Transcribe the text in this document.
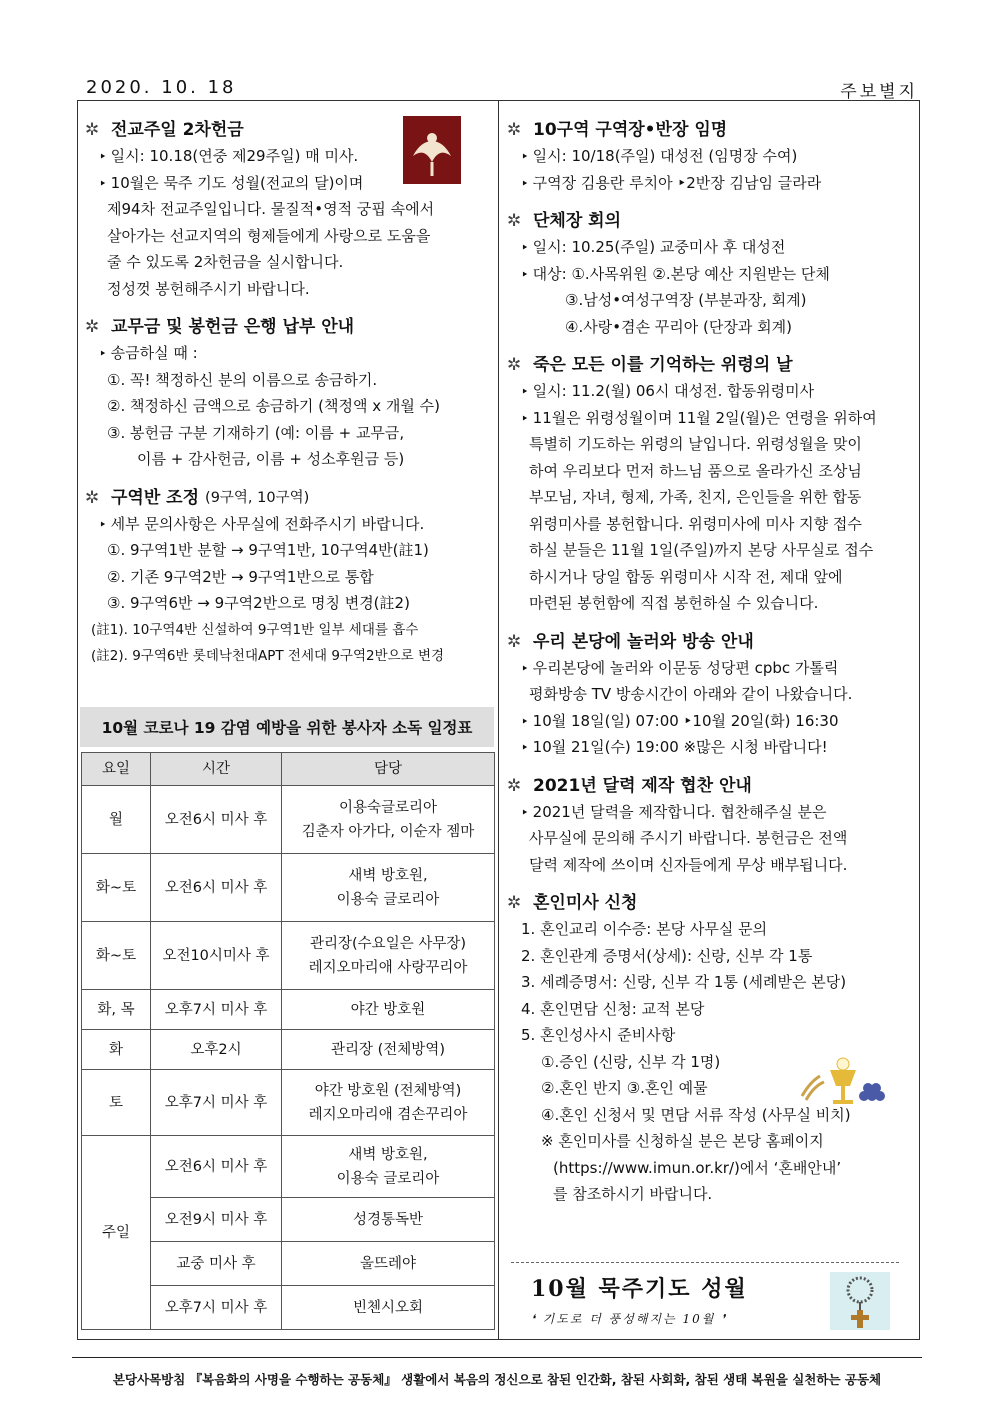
2020. 10. 18	주보별지
✲ 전교주일 2차헌금
‣ 일시: 10.18(연중 제29주일) 매 미사.
‣ 10월은 묵주 기도 성월(전교의 달)이며
제94차 전교주일입니다. 물질적•영적 궁핍 속에서
살아가는 선교지역의 형제들에게 사랑으로 도움을
줄 수 있도록 2차헌금을 실시합니다.
정성껏 봉헌해주시기 바랍니다.
✲ 교무금 및 봉헌금 은행 납부 안내
‣ 송금하실 때 :
①. 꼭! 책정하신 분의 이름으로 송금하기.
②. 책정하신 금액으로 송금하기 (책정액 x 개월 수)
③. 봉헌금 구분 기재하기 (예: 이름 + 교무금,
이름 + 감사헌금, 이름 + 성소후원금 등)
✲ 구역반 조정 (9구역, 10구역)
‣ 세부 문의사항은 사무실에 전화주시기 바랍니다.
①. 9구역1반 분할 → 9구역1반, 10구역4반(註1)
②. 기존 9구역2반 → 9구역1반으로 통합
③. 9구역6반 → 9구역2반으로 명칭 변경(註2)
(註1). 10구역4반 신설하여 9구역1반 일부 세대를 흡수
(註2). 9구역6반 롯데낙천대APT 전세대 9구역2반으로 변경
10월 코로나 19 감염 예방을 위한 봉사자 소독 일정표
요일	시간	담당
월	오전6시 미사 후	이용숙글로리아
김춘자 아가다, 이순자 젬마

화~토	오전6시 미사 후	새벽 방호원,
이용숙 글로리아

화~토	오전10시미사 후	관리장(수요일은 사무장)
레지오마리애 사랑꾸리아

화, 목	오후7시 미사 후	야간 방호원
화	오후2시	관리장 (전체방역)
토	오후7시 미사 후	야간 방호원 (전체방역)
레지오마리애 겸손꾸리아

주일	오전6시 미사 후	새벽 방호원,
이용숙 글로리아

	오전9시 미사 후	성경통독반
	교중 미사 후	울뜨레야
	오후7시 미사 후	빈첸시오회
✲ 10구역 구역장•반장 임명
‣ 일시: 10/18(주일) 대성전 (임명장 수여)
‣ 구역장 김용란 루치아 ‣2반장 김남임 글라라
✲ 단체장 회의
‣ 일시: 10.25(주일) 교중미사 후 대성전
‣ 대상: ①.사목위원 ②.본당 예산 지원받는 단체
③.남성•여성구역장 (부분과장, 회계)
④.사랑•겸손 꾸리아 (단장과 회계)
✲ 죽은 모든 이를 기억하는 위령의 날
‣ 일시: 11.2(월) 06시 대성전. 합동위령미사
‣ 11월은 위령성월이며 11월 2일(월)은 연령을 위하여
특별히 기도하는 위령의 날입니다. 위령성월을 맞이
하여 우리보다 먼저 하느님 품으로 올라가신 조상님
부모님, 자녀, 형제, 가족, 친지, 은인들을 위한 합동
위령미사를 봉헌합니다. 위령미사에 미사 지향 접수
하실 분들은 11월 1일(주일)까지 본당 사무실로 접수
하시거나 당일 합동 위령미사 시작 전, 제대 앞에
마련된 봉헌함에 직접 봉헌하실 수 있습니다.
✲ 우리 본당에 놀러와 방송 안내
‣ 우리본당에 놀러와 이문동 성당편 cpbc 가톨릭
평화방송 TV 방송시간이 아래와 같이 나왔습니다.
‣ 10월 18일(일) 07:00 ‣10월 20일(화) 16:30
‣ 10월 21일(수) 19:00 ※많은 시청 바랍니다!
✲ 2021년 달력 제작 협찬 안내
‣ 2021년 달력을 제작합니다. 협찬해주실 분은
사무실에 문의해 주시기 바랍니다. 봉헌금은 전액
달력 제작에 쓰이며 신자들에게 무상 배부됩니다.
✲ 혼인미사 신청
1. 혼인교리 이수증: 본당 사무실 문의
2. 혼인관계 증명서(상세): 신랑, 신부 각 1통
3. 세례증명서: 신랑, 신부 각 1통 (세례받은 본당)
4. 혼인면담 신청: 교적 본당
5. 혼인성사시 준비사항
①.증인 (신랑, 신부 각 1명)
②.혼인 반지 ③.혼인 예물
④.혼인 신청서 및 면담 서류 작성 (사무실 비치)
※ 혼인미사를 신청하실 분은 본당 홈페이지
(https://www.imun.or.kr/)에서 ‘혼배안내’
를 참조하시기 바랍니다.
10월 묵주기도 성월
❛ 기도로 더 풍성해지는 10월 ❜
본당사목방침 『복음화의 사명을 수행하는 공동체』 생활에서 복음의 정신으로 참된 인간화, 참된 사회화, 참된 생태 복원을 실천하는 공동체
